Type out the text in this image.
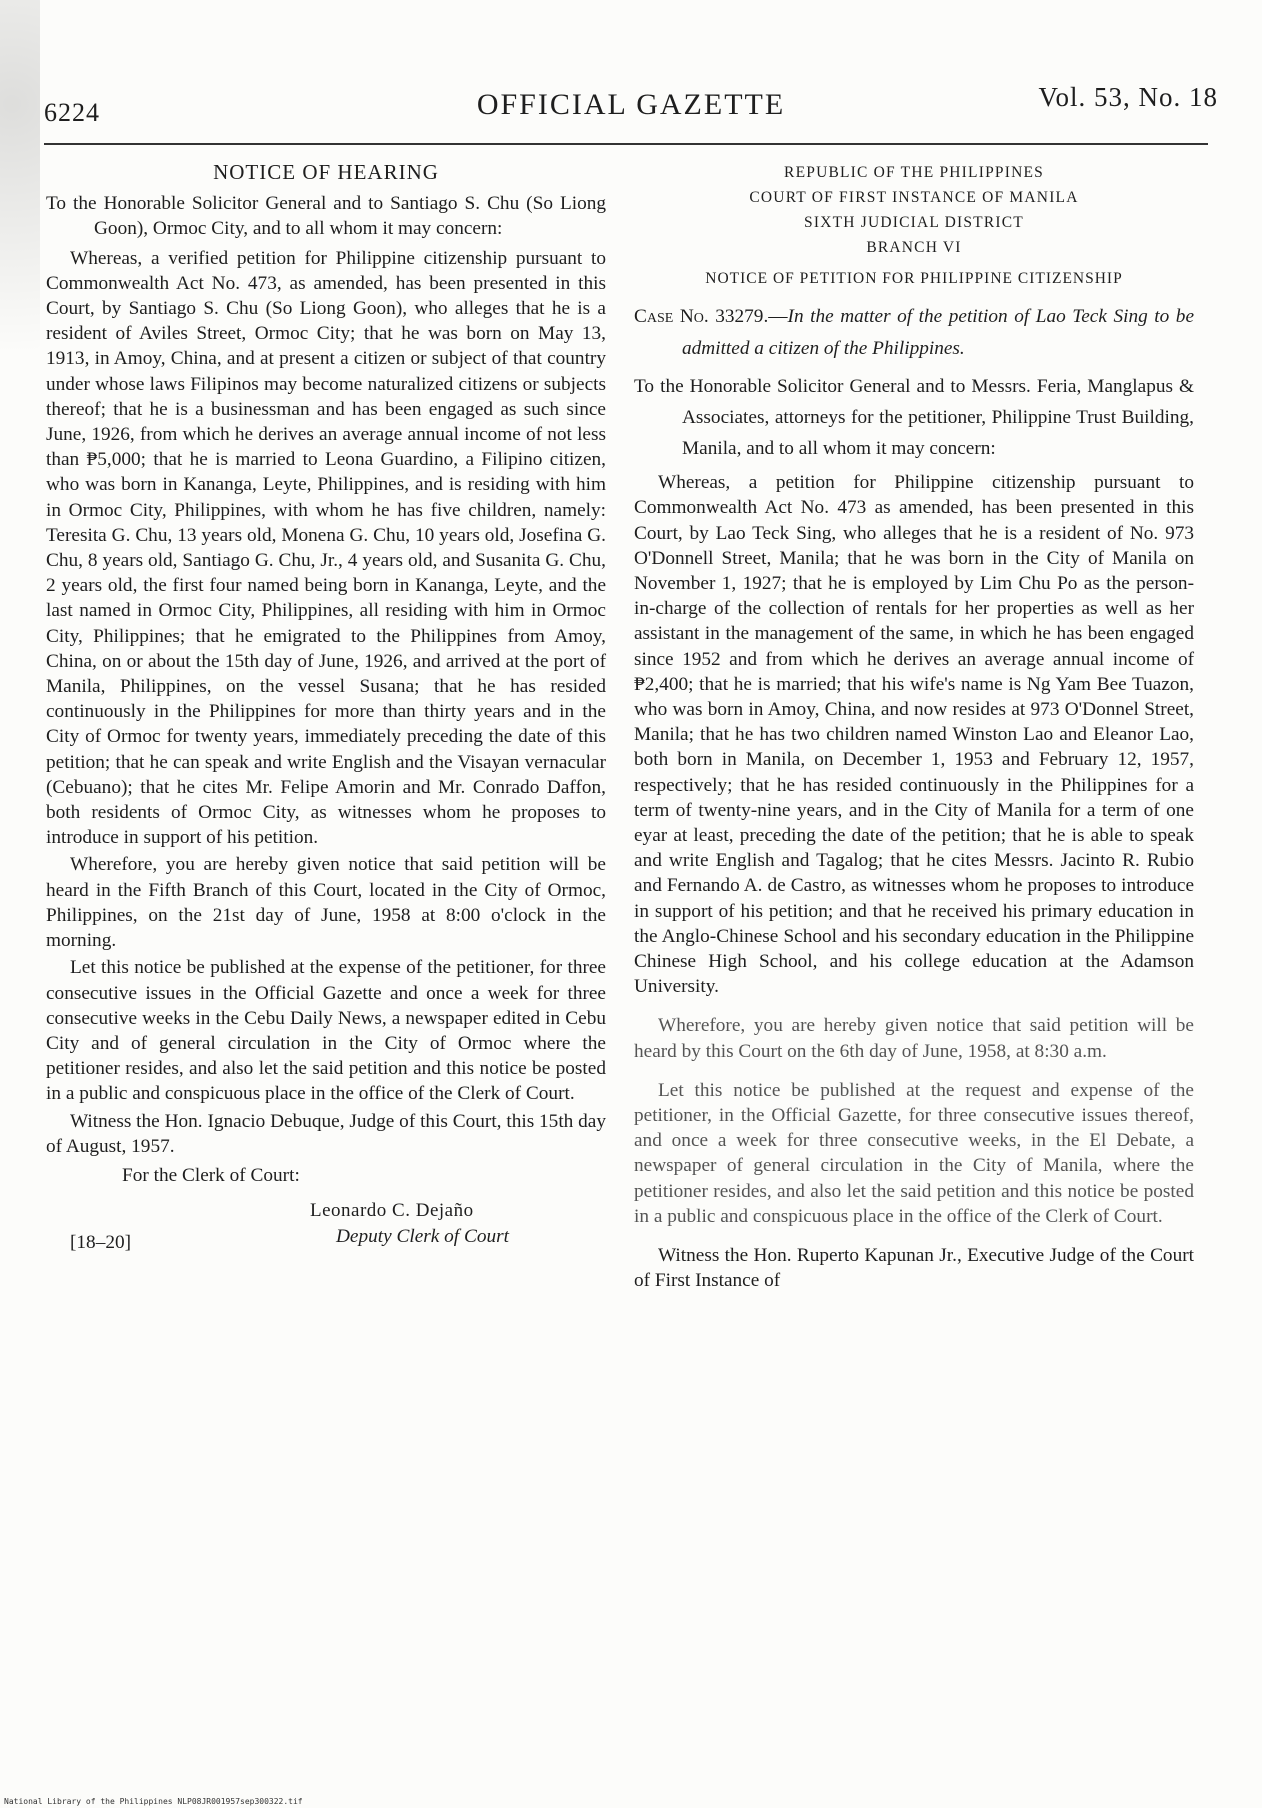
6224	OFFICIAL GAZETTE	Vol. 53, No. 18
NOTICE OF HEARING

To the Honorable Solicitor General and to Santiago S. Chu (So Liong Goon), Ormoc City, and to all whom it may concern:

Whereas, a verified petition for Philippine citizenship pursuant to Commonwealth Act No. 473, as amended, has been presented in this Court, by Santiago S. Chu (So Liong Goon), who alleges that he is a resident of Aviles Street, Ormoc City; that he was born on May 13, 1913, in Amoy, China, and at present a citizen or subject of that country under whose laws Filipinos may become naturalized citizens or subjects thereof; that he is a businessman and has been engaged as such since June, 1926, from which he derives an average annual income of not less than ₱5,000; that he is married to Leona Guardino, a Filipino citizen, who was born in Kananga, Leyte, Philippines, and is residing with him in Ormoc City, Philippines, with whom he has five children, namely: Teresita G. Chu, 13 years old, Monena G. Chu, 10 years old, Josefina G. Chu, 8 years old, Santiago G. Chu, Jr., 4 years old, and Susanita G. Chu, 2 years old, the first four named being born in Kananga, Leyte, and the last named in Ormoc City, Philippines, all residing with him in Ormoc City, Philippines; that he emigrated to the Philippines from Amoy, China, on or about the 15th day of June, 1926, and arrived at the port of Manila, Philippines, on the vessel Susana; that he has resided continuously in the Philippines for more than thirty years and in the City of Ormoc for twenty years, immediately preceding the date of this petition; that he can speak and write English and the Visayan vernacular (Cebuano); that he cites Mr. Felipe Amorin and Mr. Conrado Daffon, both residents of Ormoc City, as witnesses whom he proposes to introduce in support of his petition.

Wherefore, you are hereby given notice that said petition will be heard in the Fifth Branch of this Court, located in the City of Ormoc, Philippines, on the 21st day of June, 1958 at 8:00 o'clock in the morning.

Let this notice be published at the expense of the petitioner, for three consecutive issues in the Official Gazette and once a week for three consecutive weeks in the Cebu Daily News, a newspaper edited in Cebu City and of general circulation in the City of Ormoc where the petitioner resides, and also let the said petition and this notice be posted in a public and conspicuous place in the office of the Clerk of Court.

Witness the Hon. Ignacio Debuque, Judge of this Court, this 15th day of August, 1957.

For the Clerk of Court:

Leonardo C. Dejaño
Deputy Clerk of Court
[18–20]
REPUBLIC OF THE PHILIPPINES
COURT OF FIRST INSTANCE OF MANILA
SIXTH JUDICIAL DISTRICT
BRANCH VI
NOTICE OF PETITION FOR PHILIPPINE CITIZENSHIP

Case No. 33279.—In the matter of the petition of Lao Teck Sing to be admitted a citizen of the Philippines.

To the Honorable Solicitor General and to Messrs. Feria, Manglapus & Associates, attorneys for the petitioner, Philippine Trust Building, Manila, and to all whom it may concern:

Whereas, a petition for Philippine citizenship pursuant to Commonwealth Act No. 473 as amended, has been presented in this Court, by Lao Teck Sing, who alleges that he is a resident of No. 973 O'Donnell Street, Manila; that he was born in the City of Manila on November 1, 1927; that he is employed by Lim Chu Po as the person-in-charge of the collection of rentals for her properties as well as her assistant in the management of the same, in which he has been engaged since 1952 and from which he derives an average annual income of ₱2,400; that he is married; that his wife's name is Ng Yam Bee Tuazon, who was born in Amoy, China, and now resides at 973 O'Donnel Street, Manila; that he has two children named Winston Lao and Eleanor Lao, both born in Manila, on December 1, 1953 and February 12, 1957, respectively; that he has resided continuously in the Philippines for a term of twenty-nine years, and in the City of Manila for a term of one eyar at least, preceding the date of the petition; that he is able to speak and write English and Tagalog; that he cites Messrs. Jacinto R. Rubio and Fernando A. de Castro, as witnesses whom he proposes to introduce in support of his petition; and that he received his primary education in the Anglo-Chinese School and his secondary education in the Philippine Chinese High School, and his college education at the Adamson University.

Wherefore, you are hereby given notice that said petition will be heard by this Court on the 6th day of June, 1958, at 8:30 a.m.

Let this notice be published at the request and expense of the petitioner, in the Official Gazette, for three consecutive issues thereof, and once a week for three consecutive weeks, in the El Debate, a newspaper of general circulation in the City of Manila, where the petitioner resides, and also let the said petition and this notice be posted in a public and conspicuous place in the office of the Clerk of Court.

Witness the Hon. Ruperto Kapunan Jr., Executive Judge of the Court of First Instance of

National Library of the Philippines NLP08JR001957sep300322.tif
